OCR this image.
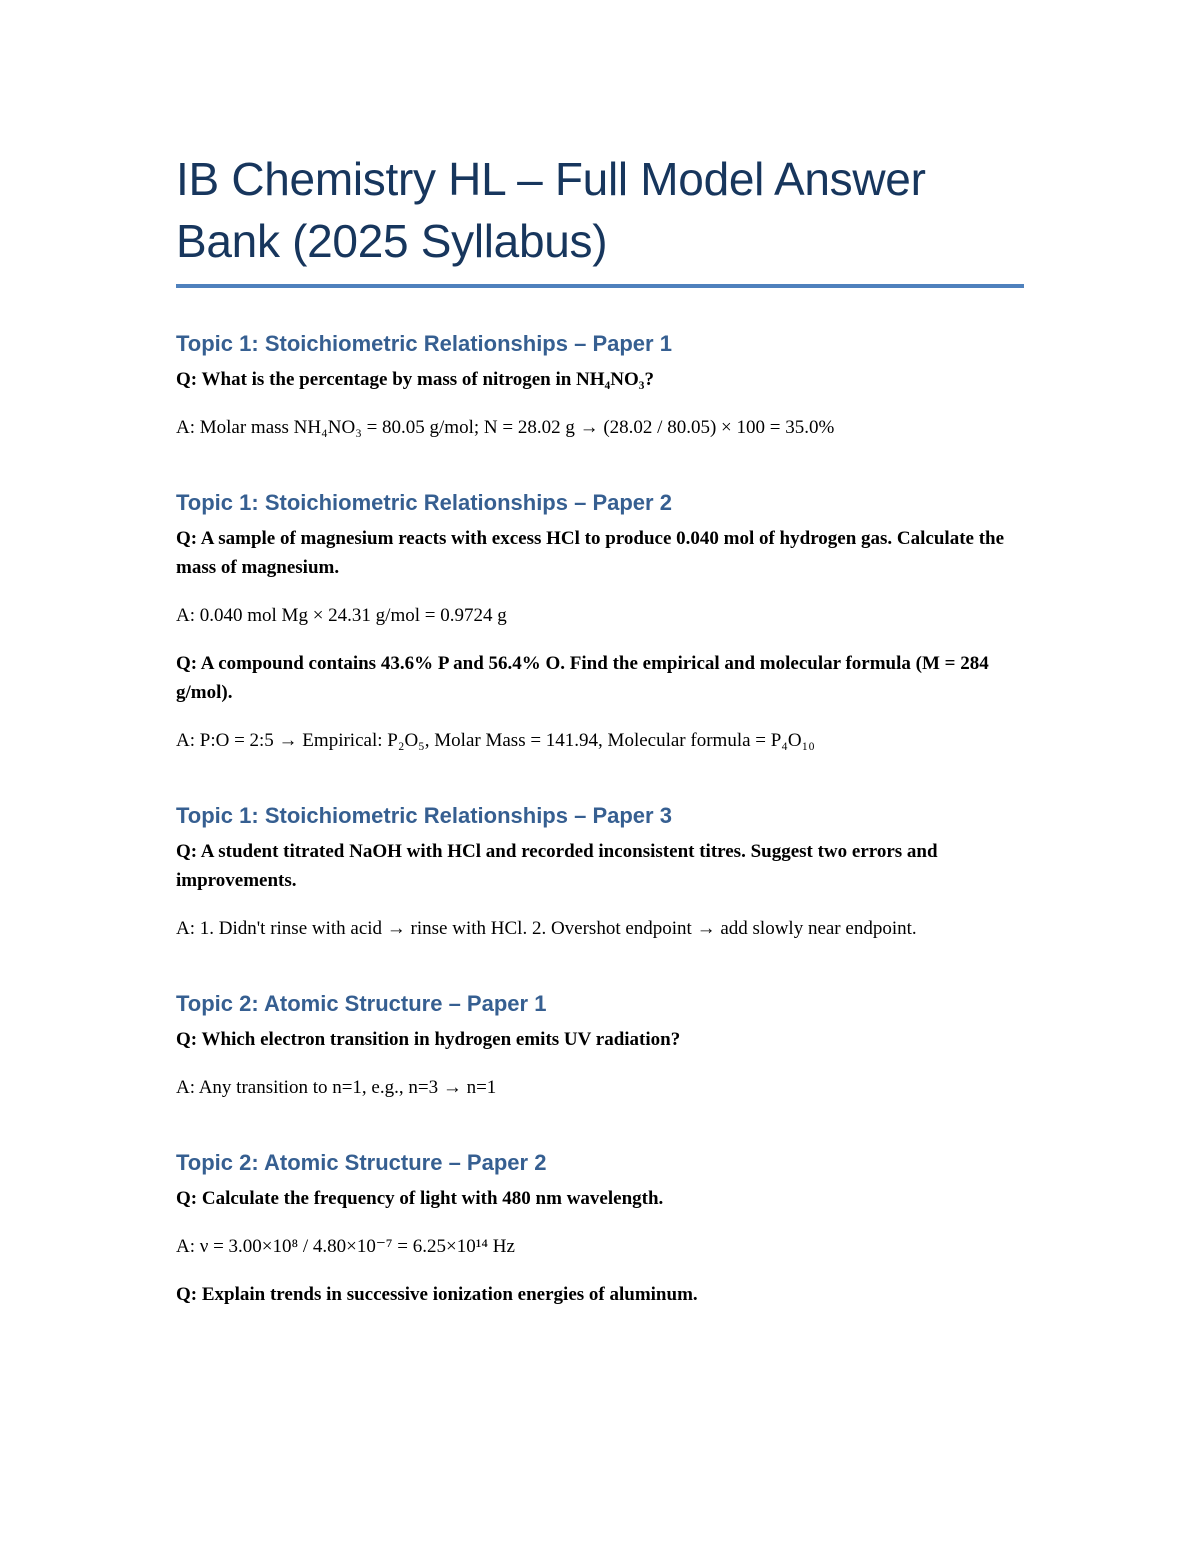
IB Chemistry HL – Full Model Answer Bank (2025 Syllabus)
Topic 1: Stoichiometric Relationships – Paper 1

Q: What is the percentage by mass of nitrogen in NH₄NO₃?

A: Molar mass NH₄NO₃ = 80.05 g/mol; N = 28.02 g → (28.02 / 80.05) × 100 = 35.0%

Topic 1: Stoichiometric Relationships – Paper 2

Q: A sample of magnesium reacts with excess HCl to produce 0.040 mol of hydrogen gas. Calculate the mass of magnesium.

A: 0.040 mol Mg × 24.31 g/mol = 0.9724 g

Q: A compound contains 43.6% P and 56.4% O. Find the empirical and molecular formula (M = 284 g/mol).

A: P:O = 2:5 → Empirical: P₂O₅, Molar Mass = 141.94, Molecular formula = P₄O₁₀

Topic 1: Stoichiometric Relationships – Paper 3

Q: A student titrated NaOH with HCl and recorded inconsistent titres. Suggest two errors and improvements.

A: 1. Didn't rinse with acid → rinse with HCl. 2. Overshot endpoint → add slowly near endpoint.

Topic 2: Atomic Structure – Paper 1

Q: Which electron transition in hydrogen emits UV radiation?

A: Any transition to n=1, e.g., n=3 → n=1

Topic 2: Atomic Structure – Paper 2

Q: Calculate the frequency of light with 480 nm wavelength.

A: ν = 3.00×10⁸ / 4.80×10⁻⁷ = 6.25×10¹⁴ Hz

Q: Explain trends in successive ionization energies of aluminum.
